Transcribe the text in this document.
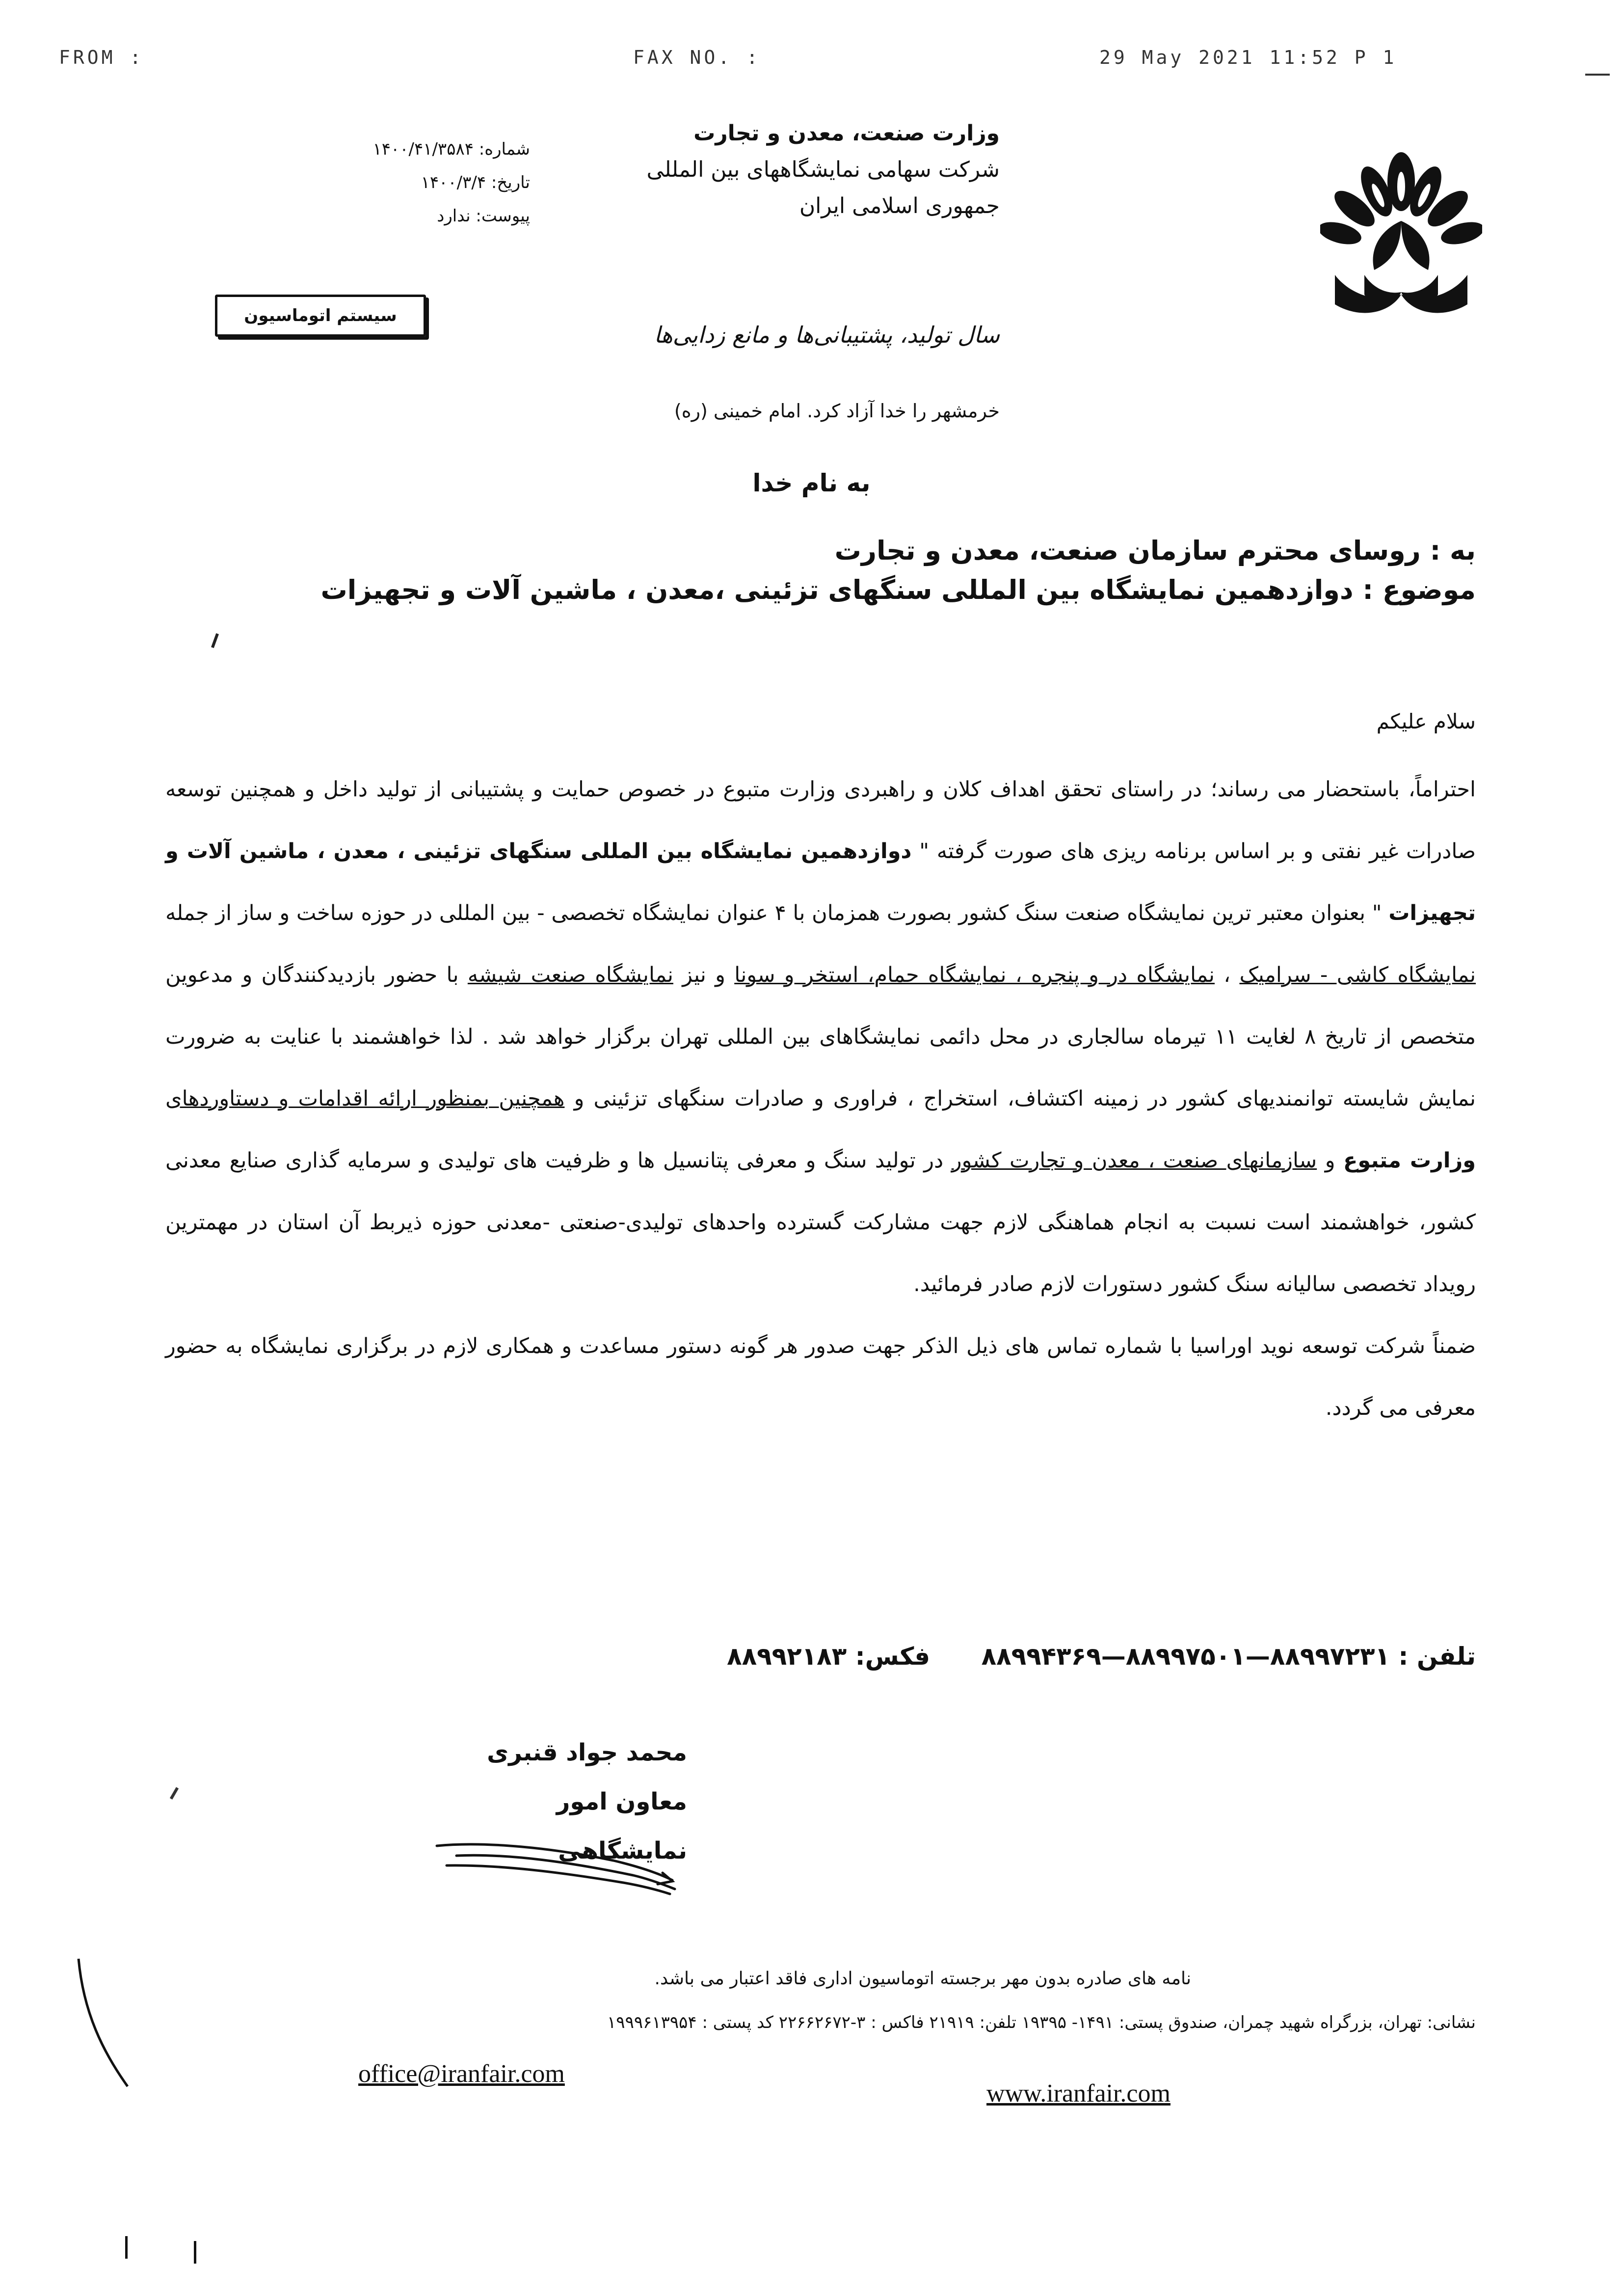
FROM :	FAX NO. :	29 May 2021 11:52 P 1
وزارت صنعت، معدن و تجارت
شرکت سهامی نمایشگاههای بین المللی
جمهوری اسلامی ایران
شماره: ۱۴۰۰/۴۱/۳۵۸۴
تاریخ: ۱۴۰۰/۳/۴
پیوست: ندارد
سیستم اتوماسیون
سال تولید، پشتیبانی‌ها و مانع زدایی‌ها
خرمشهر را خدا آزاد کرد. امام خمینی (ره)
به نام خدا
به : روسای محترم سازمان صنعت، معدن و تجارت
موضوع : دوازدهمین نمایشگاه بین المللی سنگهای تزئینی ،معدن ، ماشین آلات و تجهیزات
سلام علیکم
احتراماً، باستحضار می رساند؛ در راستای تحقق اهداف کلان و راهبردی وزارت متبوع در خصوص حمایت و پشتیبانی از تولید داخل و همچنین توسعه صادرات غیر نفتی و بر اساس برنامه ریزی های صورت گرفته " دوازدهمین نمایشگاه بین المللی سنگهای تزئینی ، معدن ، ماشین آلات و تجهیزات " بعنوان معتبر ترین نمایشگاه صنعت سنگ کشور بصورت همزمان با ۴ عنوان نمایشگاه تخصصی - بین المللی در حوزه ساخت و ساز از جمله نمایشگاه کاشی - سرامیک ، نمایشگاه در و پنجره ، نمایشگاه حمام، استخر و سونا و نیز نمایشگاه صنعت شیشه با حضور بازدیدکنندگان و مدعوین متخصص از تاریخ ۸ لغایت ۱۱ تیرماه سالجاری در محل دائمی نمایشگاهای بین المللی تهران برگزار خواهد شد . لذا خواهشمند با عنایت به ضرورت نمایش شایسته توانمندیهای کشور در زمینه اکتشاف، استخراج ، فراوری و صادرات سنگهای تزئینی و همچنین بمنظور ارائه اقدامات و دستاوردهای وزارت متبوع و سازمانهای صنعت ، معدن و تجارت کشور در تولید سنگ و معرفی پتانسیل ها و ظرفیت های تولیدی و سرمایه گذاری صنایع معدنی کشور، خواهشمند است نسبت به انجام هماهنگی لازم جهت مشارکت گسترده واحدهای تولیدی-صنعتی -معدنی حوزه ذیربط آن استان در مهمترین رویداد تخصصی سالیانه سنگ کشور دستورات لازم صادر فرمائید.
ضمناً شرکت توسعه نوید اوراسیا با شماره تماس های ذیل الذکر جهت صدور هر گونه دستور مساعدت و همکاری لازم در برگزاری نمایشگاه به حضور معرفی می گردد.
تلفن : ۸۸۹۹۷۲۳۱—۸۸۹۹۷۵۰۱—۸۸۹۹۴۳۶۹      فکس: ۸۸۹۹۲۱۸۳
محمد جواد قنبری
معاون امور نمایشگاهی
نامه های صادره بدون مهر برجسته اتوماسیون اداری فاقد اعتبار می باشد.
نشانی: تهران، بزرگراه شهید چمران، صندوق پستی: ۱۴۹۱- ۱۹۳۹۵ تلفن: ۲۱۹۱۹ فاکس : ۳-۲۲۶۶۲۶۷۲ کد پستی : ۱۹۹۹۶۱۳۹۵۴
office@iranfair.com
www.iranfair.com
